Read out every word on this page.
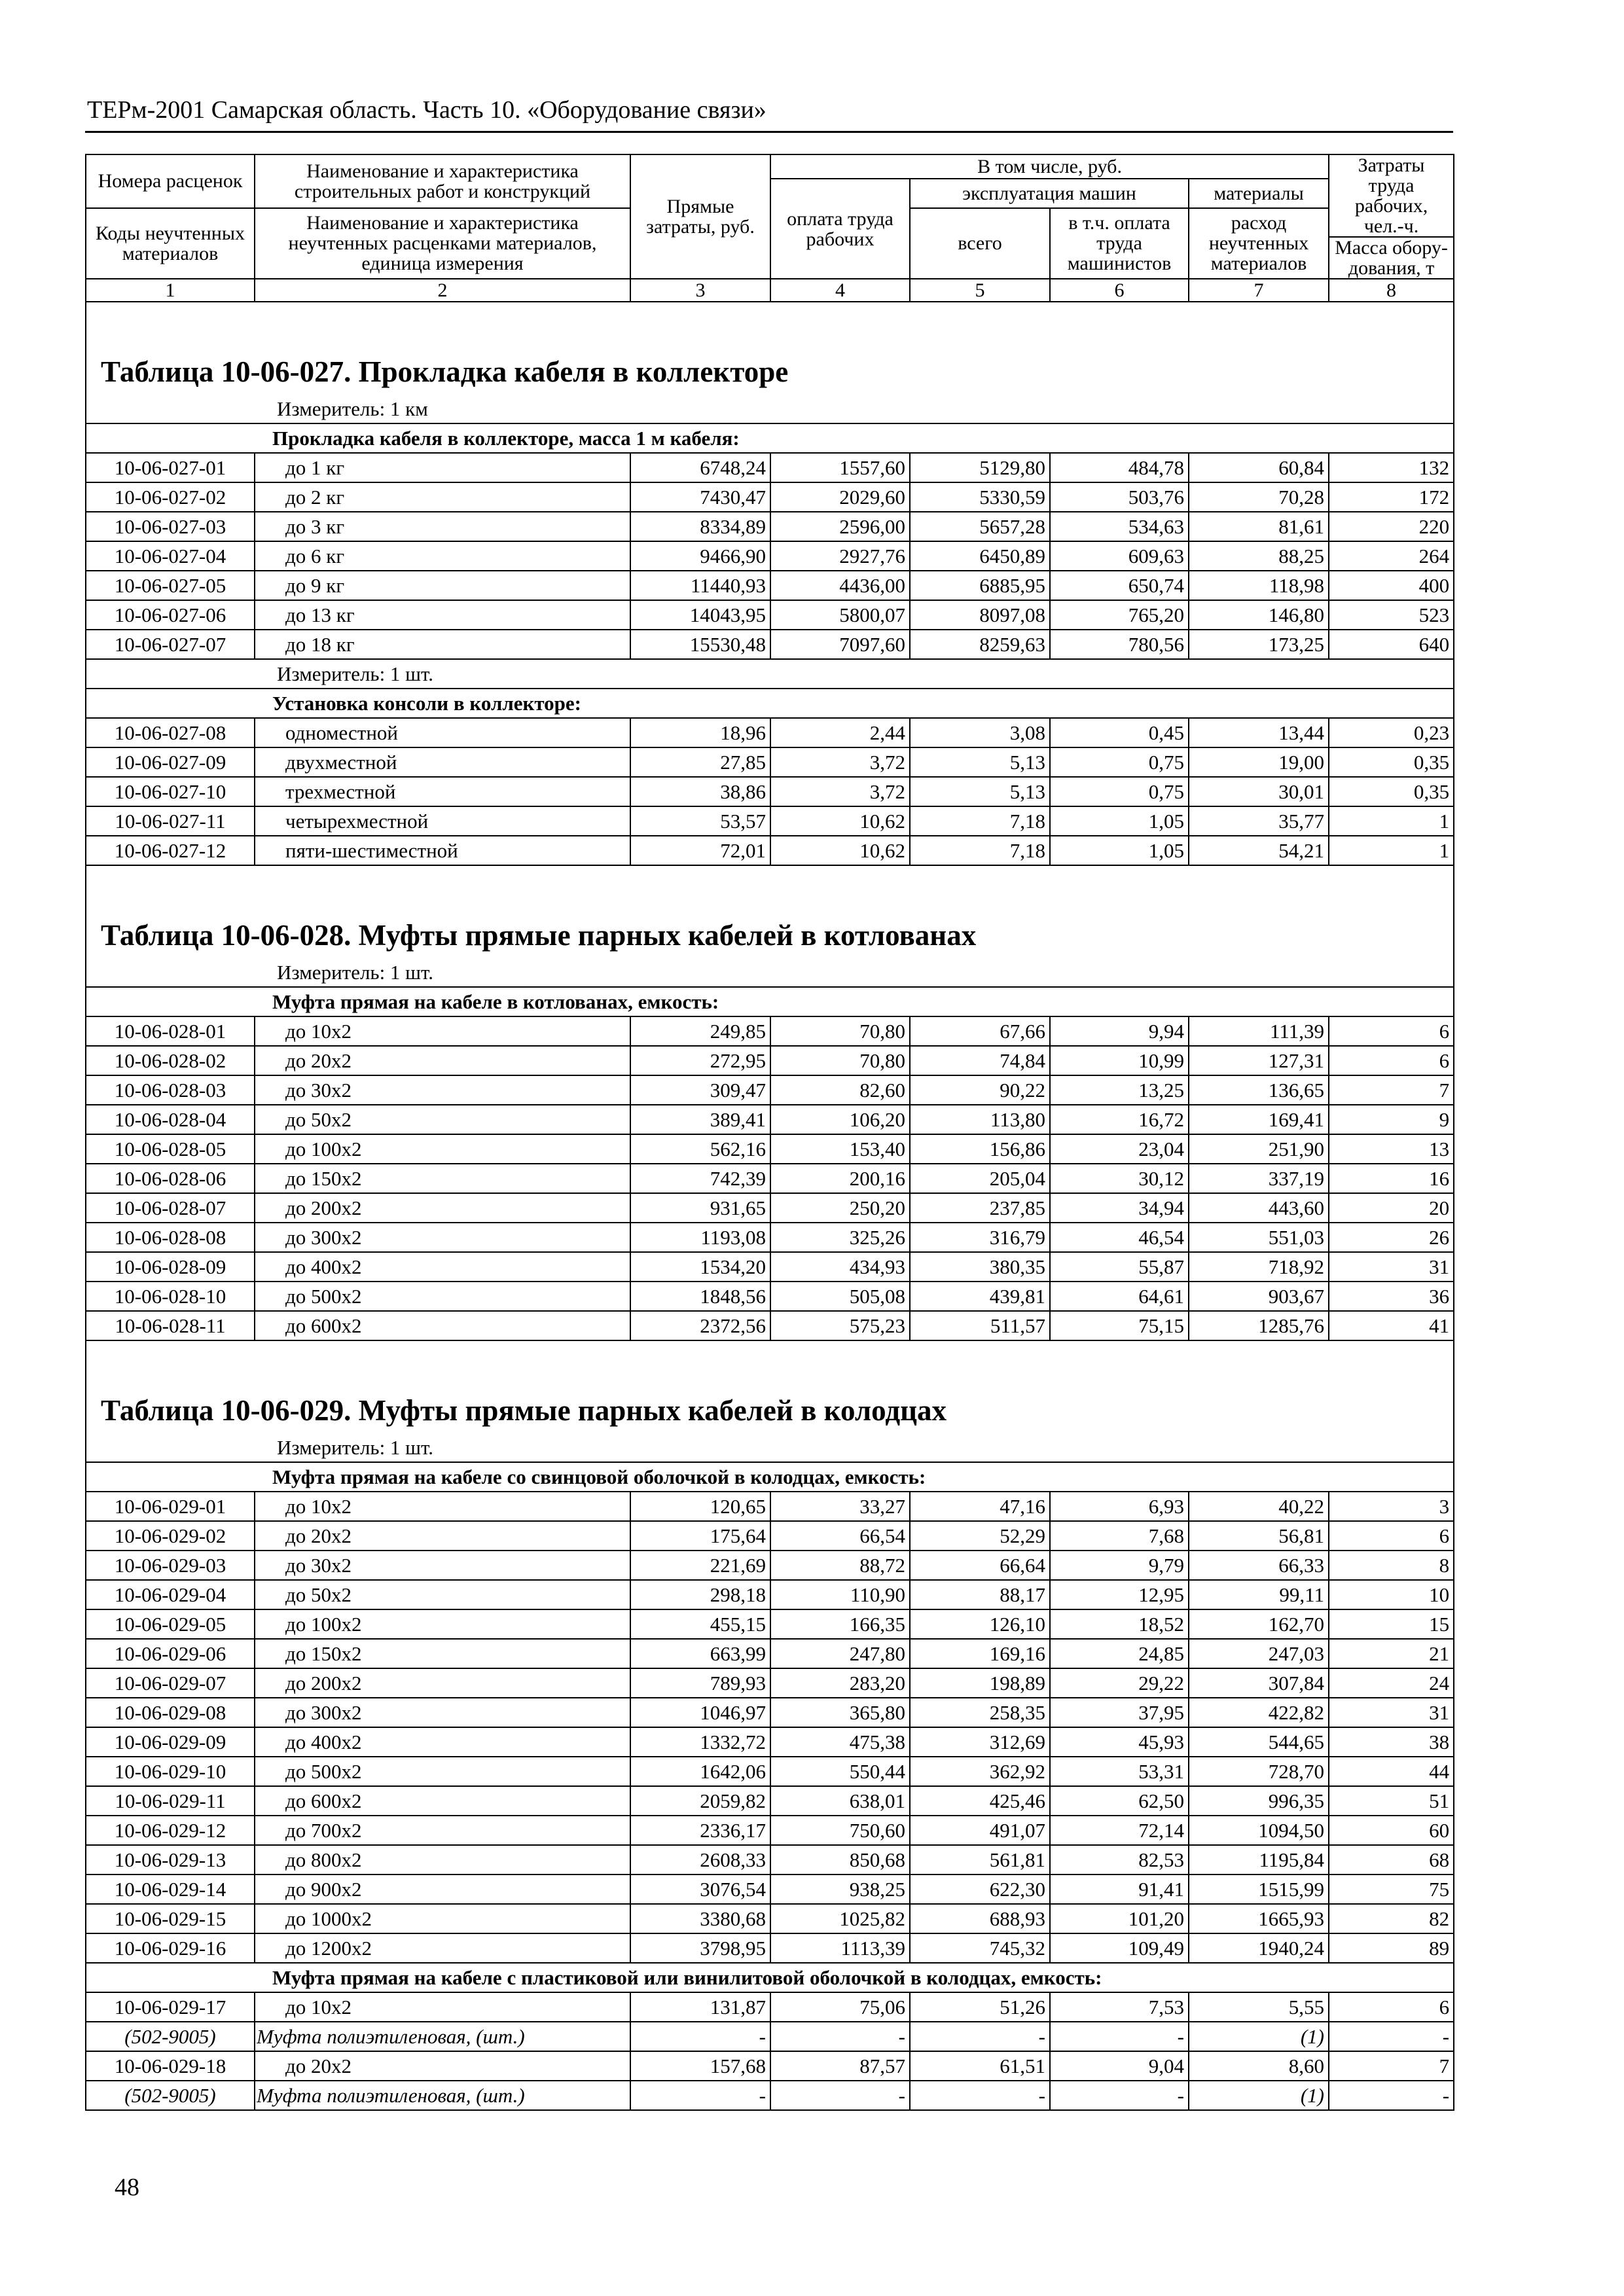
ТЕРм-2001 Самарская область. Часть 10. «Оборудование связи»
Номера расценок	Наименование и характеристика строительных работ и конструкций	Прямые затраты, руб.	В том числе, руб.				Затраты труда рабочих, чел.-ч.
			оплата труда рабочих	эксплуатация машин		материалы	
Коды неучтенных материалов	Наименование и характеристика неучтенных расценками материалов, единица измерения			всего	в т.ч. оплата труда машинистов	расход неучтенных материалов	
							Масса обору-дования, т
1	2	3	4	5	6	7	8
Таблица 10-06-027. Прокладка кабеля в коллекторе							
Измеритель: 1 км							
Прокладка кабеля в коллекторе, масса 1 м кабеля:							
10-06-027-01	до 1 кг	6748,24	1557,60	5129,80	484,78	60,84	132
10-06-027-02	до 2 кг	7430,47	2029,60	5330,59	503,76	70,28	172
10-06-027-03	до 3 кг	8334,89	2596,00	5657,28	534,63	81,61	220
10-06-027-04	до 6 кг	9466,90	2927,76	6450,89	609,63	88,25	264
10-06-027-05	до 9 кг	11440,93	4436,00	6885,95	650,74	118,98	400
10-06-027-06	до 13 кг	14043,95	5800,07	8097,08	765,20	146,80	523
10-06-027-07	до 18 кг	15530,48	7097,60	8259,63	780,56	173,25	640
Измеритель: 1 шт.							
Установка консоли в коллекторе:							
10-06-027-08	одноместной	18,96	2,44	3,08	0,45	13,44	0,23
10-06-027-09	двухместной	27,85	3,72	5,13	0,75	19,00	0,35
10-06-027-10	трехместной	38,86	3,72	5,13	0,75	30,01	0,35
10-06-027-11	четырехместной	53,57	10,62	7,18	1,05	35,77	1
10-06-027-12	пяти-шестиместной	72,01	10,62	7,18	1,05	54,21	1
Таблица 10-06-028. Муфты прямые парных кабелей в котлованах							
Измеритель: 1 шт.							
Муфта прямая на кабеле в котлованах, емкость:							
10-06-028-01	до 10х2	249,85	70,80	67,66	9,94	111,39	6
10-06-028-02	до 20х2	272,95	70,80	74,84	10,99	127,31	6
10-06-028-03	до 30х2	309,47	82,60	90,22	13,25	136,65	7
10-06-028-04	до 50х2	389,41	106,20	113,80	16,72	169,41	9
10-06-028-05	до 100х2	562,16	153,40	156,86	23,04	251,90	13
10-06-028-06	до 150х2	742,39	200,16	205,04	30,12	337,19	16
10-06-028-07	до 200х2	931,65	250,20	237,85	34,94	443,60	20
10-06-028-08	до 300х2	1193,08	325,26	316,79	46,54	551,03	26
10-06-028-09	до 400х2	1534,20	434,93	380,35	55,87	718,92	31
10-06-028-10	до 500х2	1848,56	505,08	439,81	64,61	903,67	36
10-06-028-11	до 600х2	2372,56	575,23	511,57	75,15	1285,76	41
Таблица 10-06-029. Муфты прямые парных кабелей в колодцах							
Измеритель: 1 шт.							
Муфта прямая на кабеле со свинцовой оболочкой в колодцах, емкость:							
10-06-029-01	до 10х2	120,65	33,27	47,16	6,93	40,22	3
10-06-029-02	до 20х2	175,64	66,54	52,29	7,68	56,81	6
10-06-029-03	до 30х2	221,69	88,72	66,64	9,79	66,33	8
10-06-029-04	до 50х2	298,18	110,90	88,17	12,95	99,11	10
10-06-029-05	до 100х2	455,15	166,35	126,10	18,52	162,70	15
10-06-029-06	до 150х2	663,99	247,80	169,16	24,85	247,03	21
10-06-029-07	до 200х2	789,93	283,20	198,89	29,22	307,84	24
10-06-029-08	до 300х2	1046,97	365,80	258,35	37,95	422,82	31
10-06-029-09	до 400х2	1332,72	475,38	312,69	45,93	544,65	38
10-06-029-10	до 500х2	1642,06	550,44	362,92	53,31	728,70	44
10-06-029-11	до 600х2	2059,82	638,01	425,46	62,50	996,35	51
10-06-029-12	до 700х2	2336,17	750,60	491,07	72,14	1094,50	60
10-06-029-13	до 800х2	2608,33	850,68	561,81	82,53	1195,84	68
10-06-029-14	до 900х2	3076,54	938,25	622,30	91,41	1515,99	75
10-06-029-15	до 1000х2	3380,68	1025,82	688,93	101,20	1665,93	82
10-06-029-16	до 1200х2	3798,95	1113,39	745,32	109,49	1940,24	89
Муфта прямая на кабеле с пластиковой или винилитовой оболочкой в колодцах, емкость:							
10-06-029-17	до 10х2	131,87	75,06	51,26	7,53	5,55	6
(502-9005)	Муфта полиэтиленовая, (шт.)	-	-	-	-	(1)	-
10-06-029-18	до 20х2	157,68	87,57	61,51	9,04	8,60	7
(502-9005)	Муфта полиэтиленовая, (шт.)	-	-	-	-	(1)	-
48
